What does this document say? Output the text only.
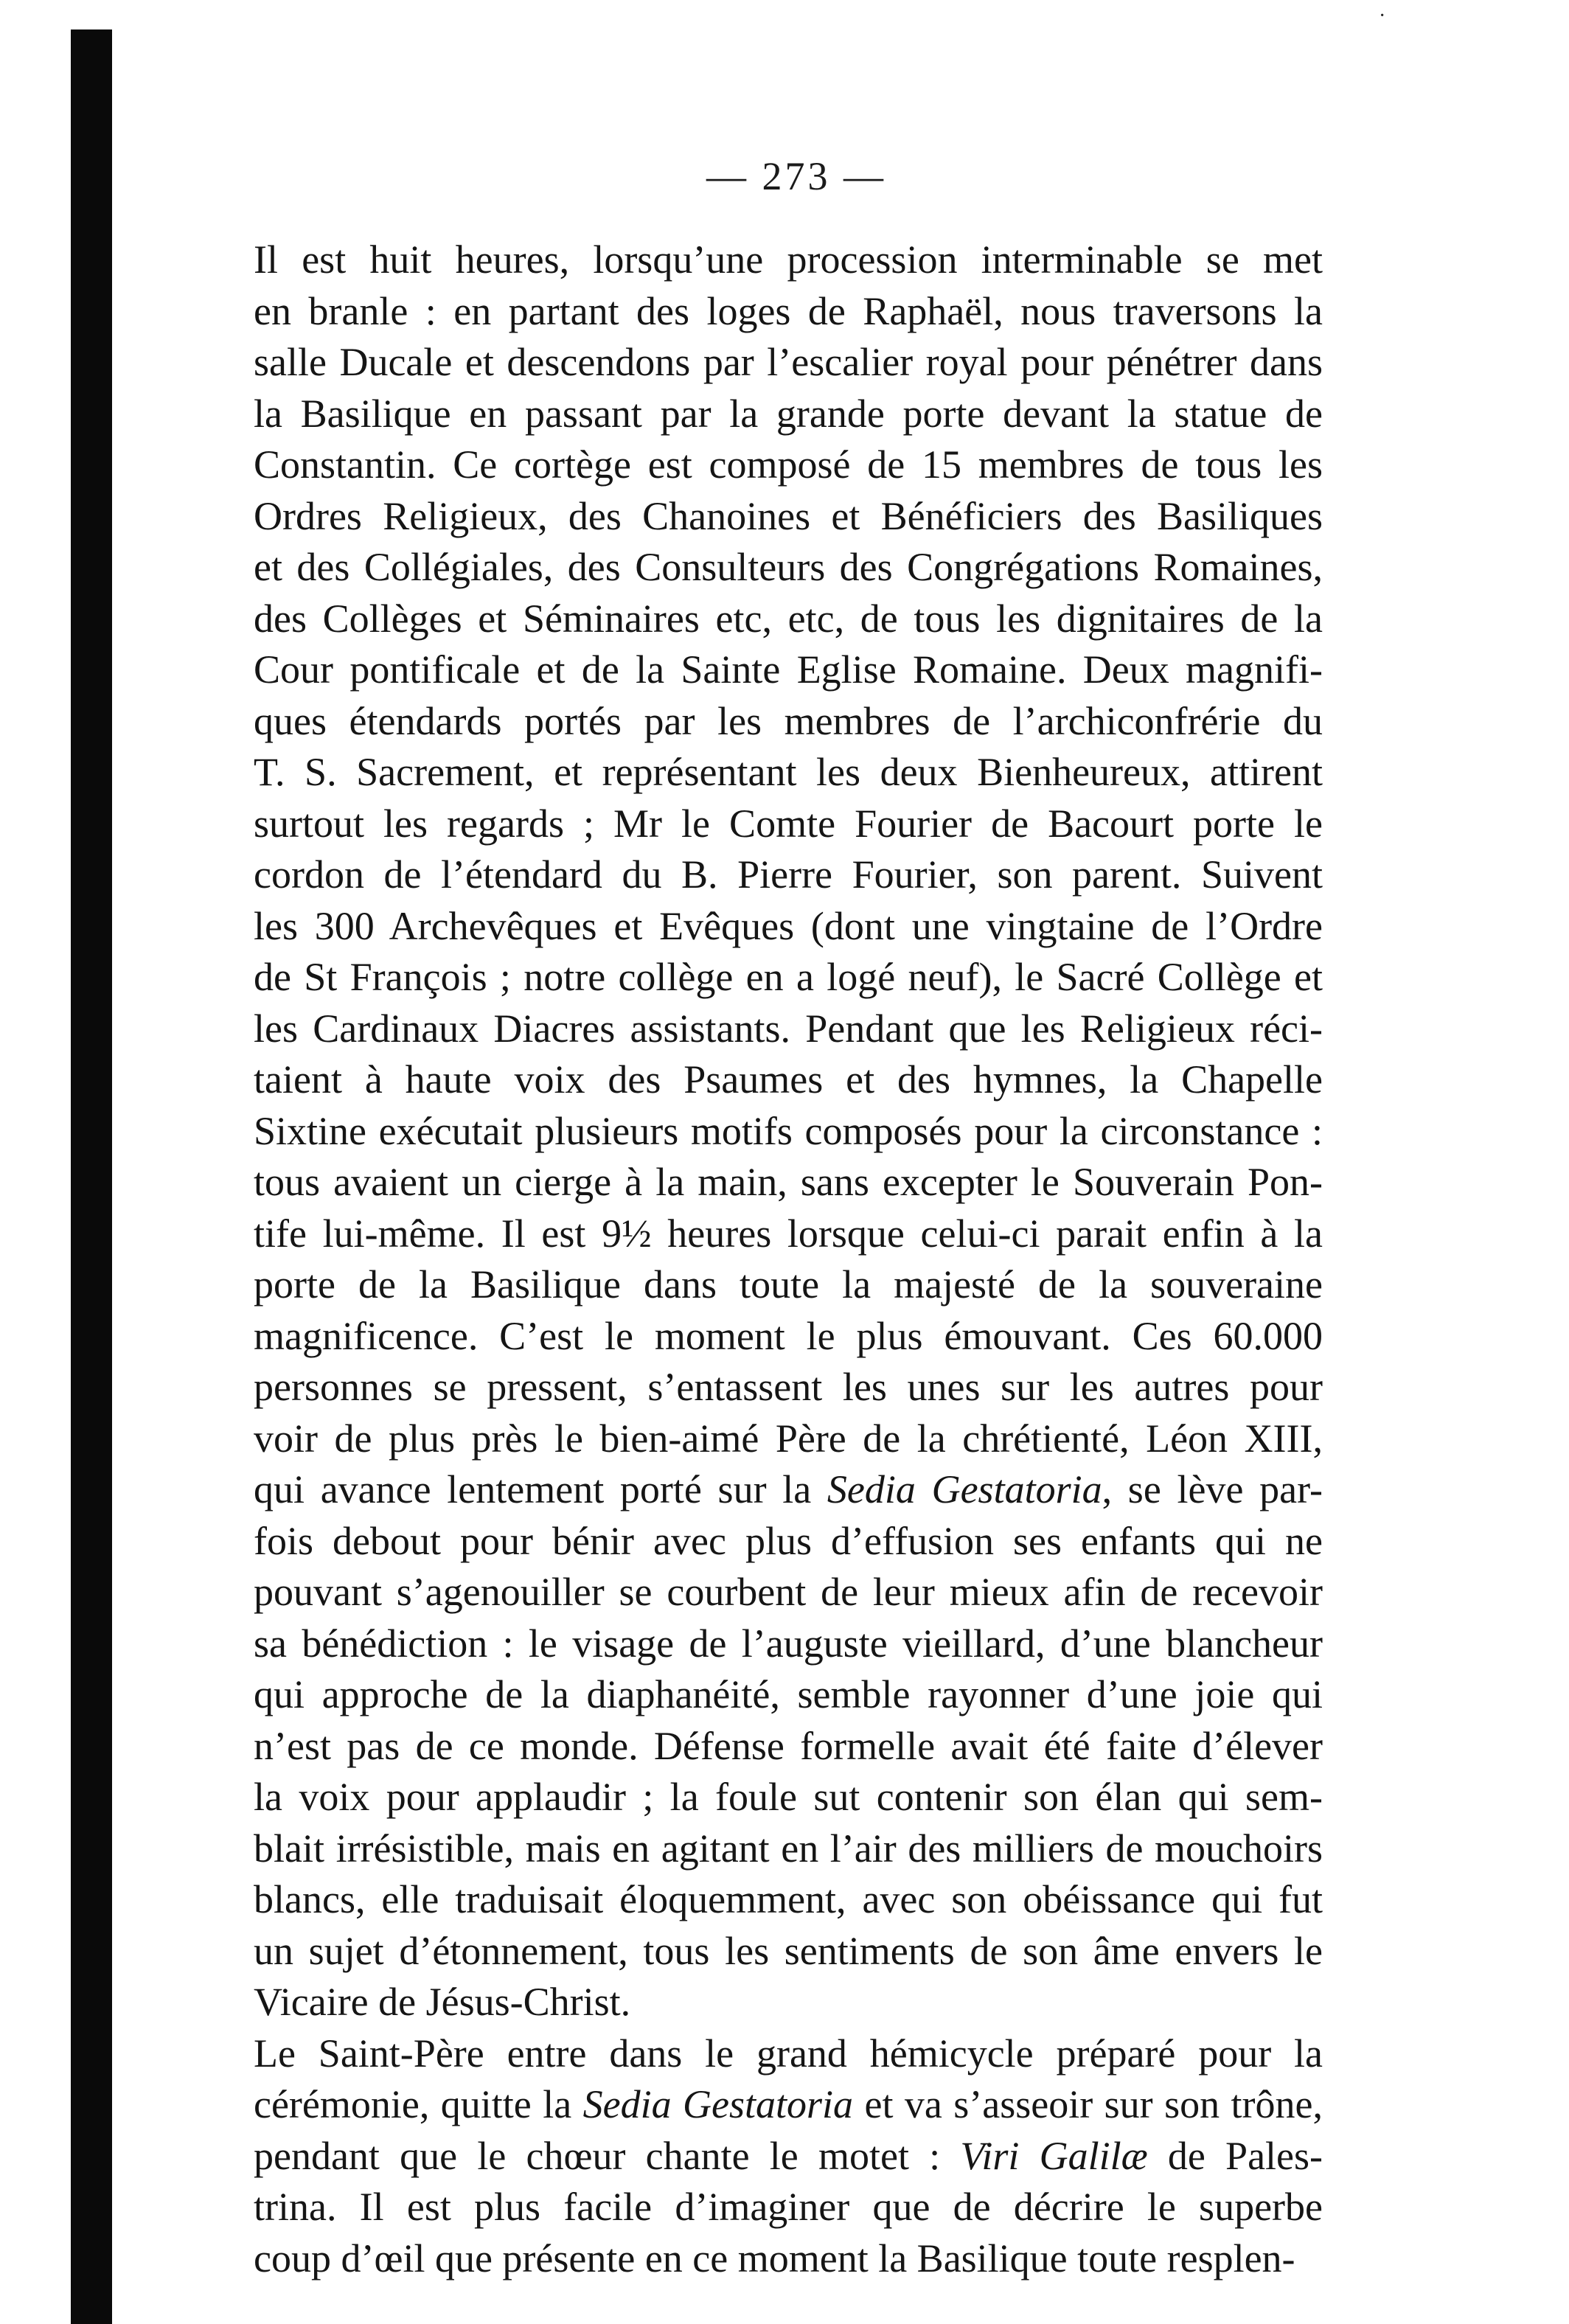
— 273 —
Il est huit heures, lorsqu’une procession interminable se met
en branle : en partant des loges de Raphaël, nous traversons la
salle Ducale et descendons par l’escalier royal pour pénétrer dans
la Basilique en passant par la grande porte devant la statue de
Constantin. Ce cortège est composé de 15 membres de tous les
Ordres Religieux, des Chanoines et Bénéficiers des Basiliques
et des Collégiales, des Consulteurs des Congrégations Romaines,
des Collèges et Séminaires etc, etc, de tous les dignitaires de la
Cour pontificale et de la Sainte Eglise Romaine. Deux magnifi-
ques étendards portés par les membres de l’archiconfrérie du
T. S. Sacrement, et représentant les deux Bienheureux, attirent
surtout les regards ; Mr le Comte Fourier de Bacourt porte le
cordon de l’étendard du B. Pierre Fourier, son parent. Suivent
les 300 Archevêques et Evêques (dont une vingtaine de l’Ordre
de St François ; notre collège en a logé neuf), le Sacré Collège et
les Cardinaux Diacres assistants. Pendant que les Religieux réci-
taient à haute voix des Psaumes et des hymnes, la Chapelle
Sixtine exécutait plusieurs motifs composés pour la circonstance :
tous avaient un cierge à la main, sans excepter le Souverain Pon-
tife lui-même. Il est 9½ heures lorsque celui-ci parait enfin à la
porte de la Basilique dans toute la majesté de la souveraine
magnificence. C’est le moment le plus émouvant. Ces 60.000
personnes se pressent, s’entassent les unes sur les autres pour
voir de plus près le bien-aimé Père de la chrétienté, Léon XIII,
qui avance lentement porté sur la Sedia Gestatoria, se lève par-
fois debout pour bénir avec plus d’effusion ses enfants qui ne
pouvant s’agenouiller se courbent de leur mieux afin de recevoir
sa bénédiction : le visage de l’auguste vieillard, d’une blancheur
qui approche de la diaphanéité, semble rayonner d’une joie qui
n’est pas de ce monde. Défense formelle avait été faite d’élever
la voix pour applaudir ; la foule sut contenir son élan qui sem-
blait irrésistible, mais en agitant en l’air des milliers de mouchoirs
blancs, elle traduisait éloquemment, avec son obéissance qui fut
un sujet d’étonnement, tous les sentiments de son âme envers le
Vicaire de Jésus-Christ.
Le Saint-Père entre dans le grand hémicycle préparé pour la
cérémonie, quitte la Sedia Gestatoria et va s’asseoir sur son trône,
pendant que le chœur chante le motet : Viri Galilæ de Pales-
trina. Il est plus facile d’imaginer que de décrire le superbe
coup d’œil que présente en ce moment la Basilique toute resplen-
·
